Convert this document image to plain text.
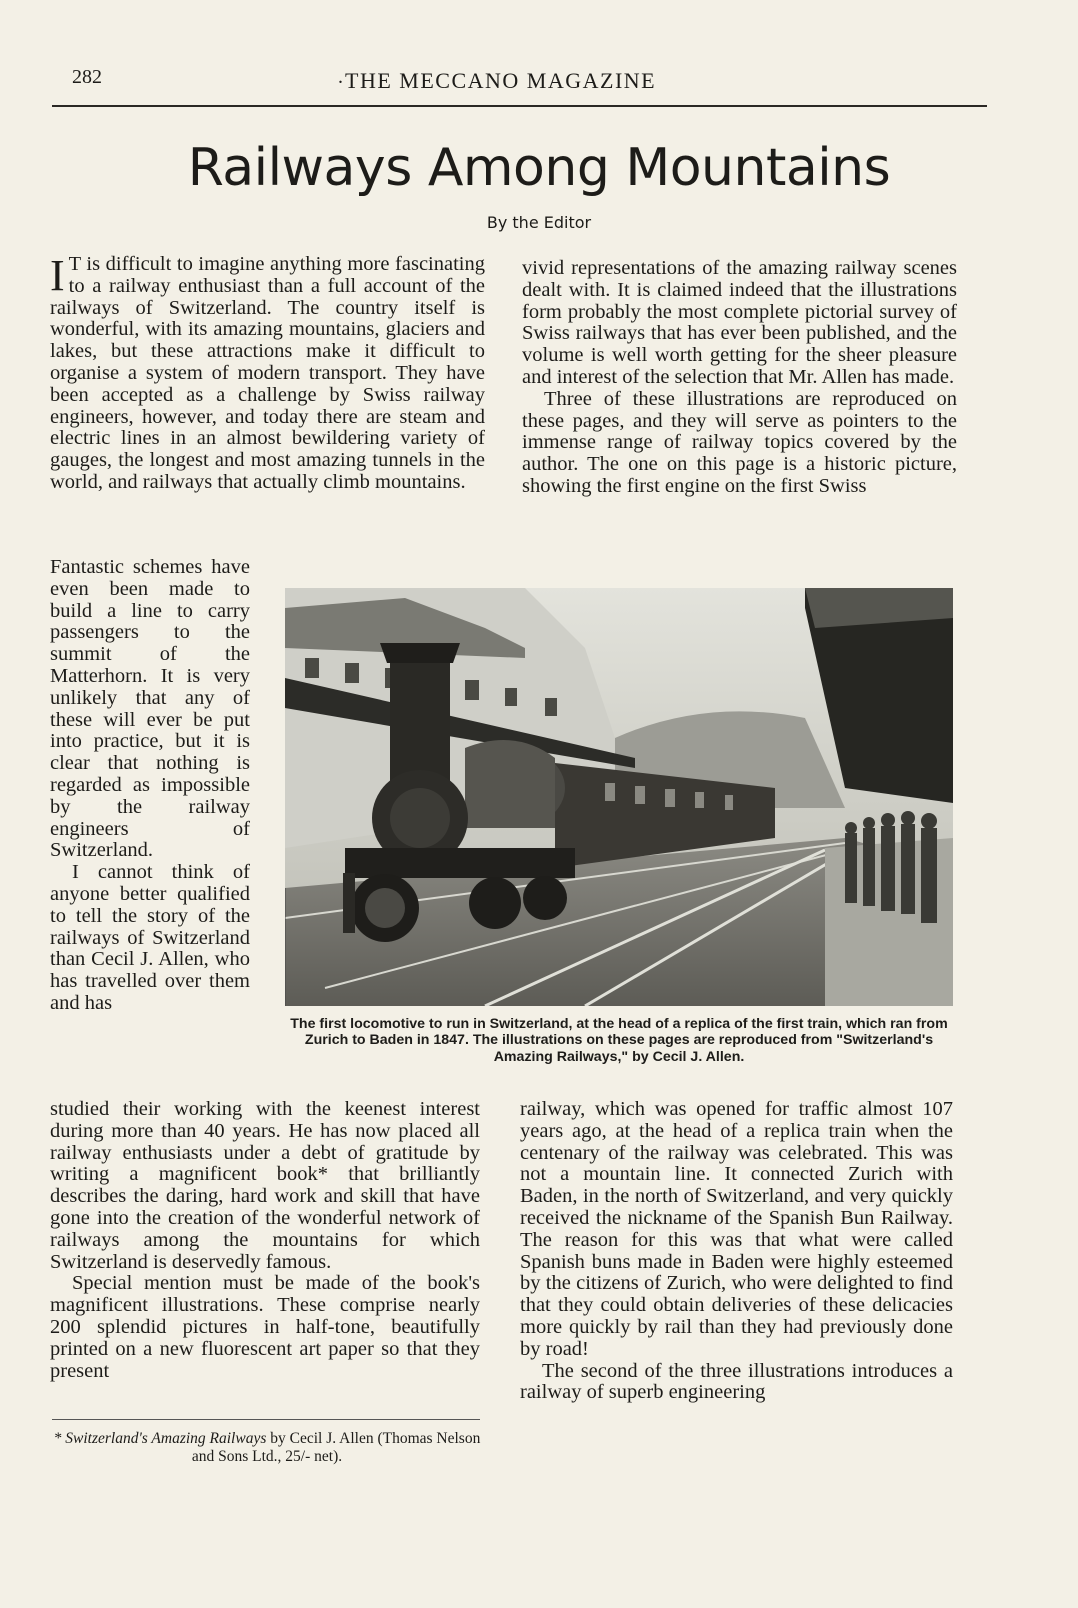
282	. THE MECCANO MAGAZINE
Railways Among Mountains
By the Editor

I T is difficult to imagine anything more fascinating to a railway enthusiast than a full account of the railways of Switzerland. The country itself is wonderful, with its amazing mountains, glaciers and lakes, but these attractions make it difficult to organise a system of modern transport. They have been accepted as a challenge by Swiss railway engineers, however, and today there are steam and electric lines in an almost bewildering variety of gauges, the longest and most amazing tunnels in the world, and railways that actually climb mountains.

vivid representations of the amazing railway scenes dealt with. It is claimed indeed that the illustrations form probably the most complete pictorial survey of Swiss railways that has ever been published, and the volume is well worth getting for the sheer pleasure and interest of the selection that Mr. Allen has made.

Three of these illustrations are reproduced on these pages, and they will serve as pointers to the immense range of railway topics covered by the author. The one on this page is a historic picture, showing the first engine on the first Swiss

Fantastic schemes have even been made to build a line to carry passengers to the summit of the Matterhorn. It is very unlikely that any of these will ever be put into practice, but it is clear that nothing is regarded as impossible by the railway engineers of Switzerland.

I cannot think of anyone better qualified to tell the story of the railways of Switzerland than Cecil J. Allen, who has travelled over them and has

The first locomotive to run in Switzerland, at the head of a replica of the first train, which ran from Zurich to Baden in 1847. The illustrations on these pages are reproduced from "Switzerland's Amazing Railways," by Cecil J. Allen.

studied their working with the keenest interest during more than 40 years. He has now placed all railway enthusiasts under a debt of gratitude by writing a magnificent book* that brilliantly describes the daring, hard work and skill that have gone into the creation of the wonderful network of railways among the mountains for which Switzerland is deservedly famous.

Special mention must be made of the book's magnificent illustrations. These comprise nearly 200 splendid pictures in half-tone, beautifully printed on a new fluorescent art paper so that they present

railway, which was opened for traffic almost 107 years ago, at the head of a replica train when the centenary of the railway was celebrated. This was not a mountain line. It connected Zurich with Baden, in the north of Switzerland, and very quickly received the nickname of the Spanish Bun Railway. The reason for this was that what were called Spanish buns made in Baden were highly esteemed by the citizens of Zurich, who were delighted to find that they could obtain deliveries of these delicacies more quickly by rail than they had previously done by road!

The second of the three illustrations introduces a railway of superb engineering

* Switzerland's Amazing Railways by Cecil J. Allen (Thomas Nelson and Sons Ltd., 25/- net).
